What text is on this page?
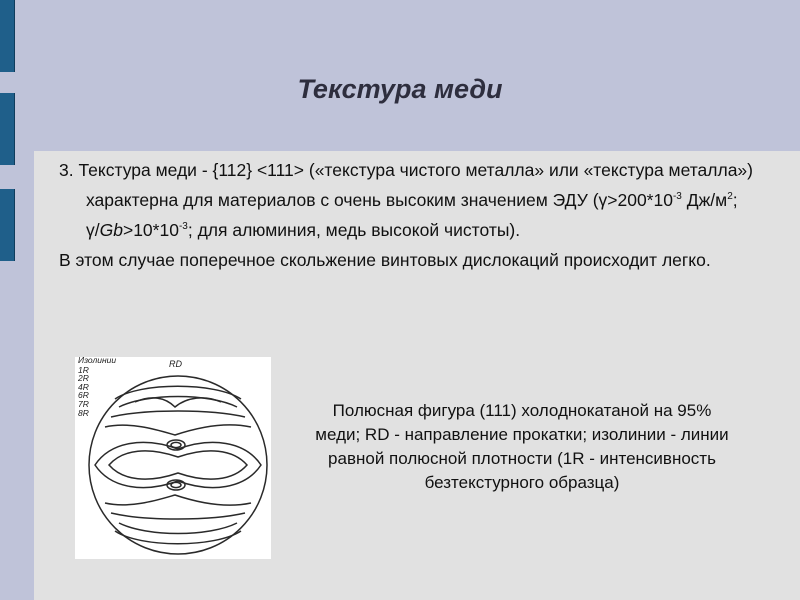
Текстура меди

3. Текстура меди - {112} <111> («текстура чистого металла» или «текстура металла») характерна для материалов с очень высоким значением ЭДУ ($\gamma>200*10^{-3}$ $Дж/м^2$; $\gamma/Gb>10*10^{-3}$; для алюминия, медь высокой чистоты).

В этом случае поперечное скольжение винтовых дислокаций происходит легко.

Изолинии
1R
2R
4R
6R
7R
8R
RD
Полюсная фигура (111) холоднокатаной на 95% меди; RD - направление прокатки; изолинии - линии равной полюсной плотности (1R - интенсивность безтекстурного образца)
